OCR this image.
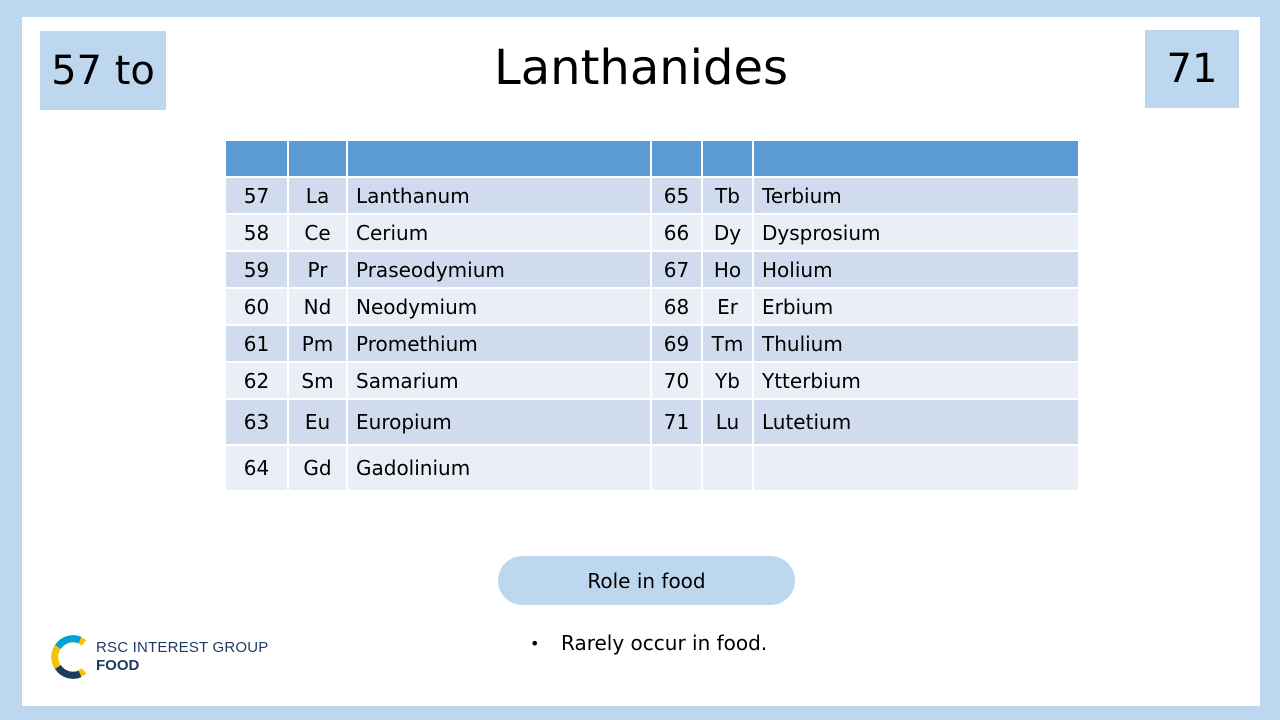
57 to	Lanthanides	71

57	La	Lanthanum	65	Tb	Terbium
58	Ce	Cerium	66	Dy	Dysprosium
59	Pr	Praseodymium	67	Ho	Holium
60	Nd	Neodymium	68	Er	Erbium
61	Pm	Promethium	69	Tm	Thulium
62	Sm	Samarium	70	Yb	Ytterbium
63	Eu	Europium	71	Lu	Lutetium
64	Gd	Gadolinium			
Role in food
•	Rarely occur in food.
RSC INTEREST GROUP
FOOD
